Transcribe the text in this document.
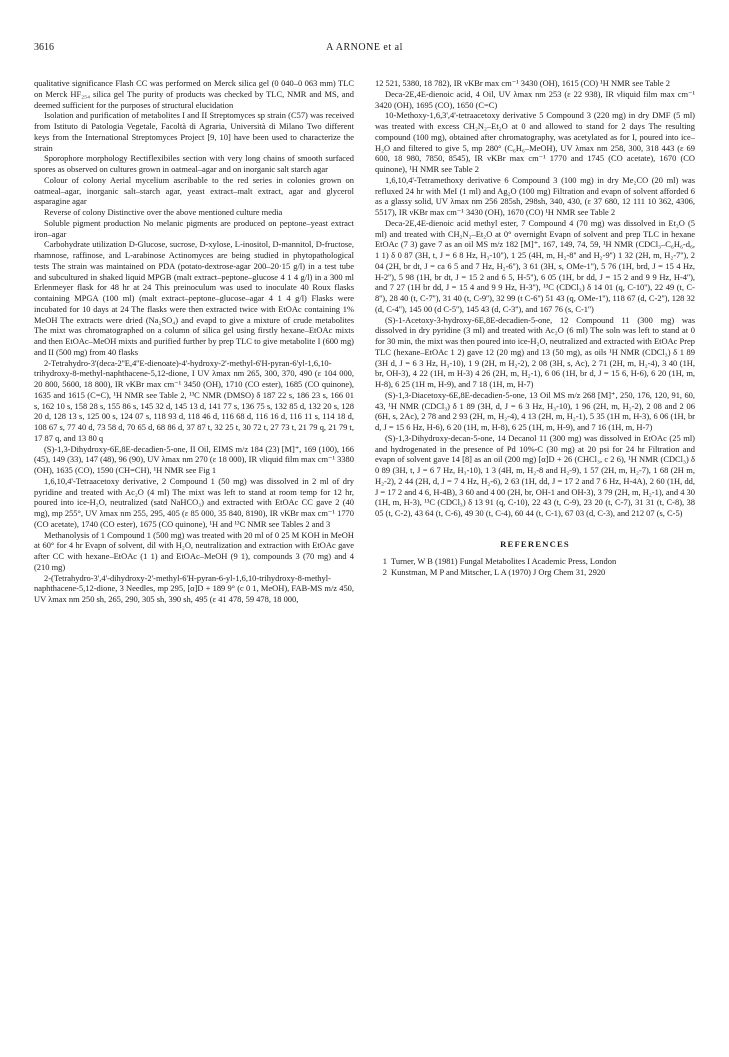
3616	A ARNONE et al

qualitative significance Flash CC was performed on Merck silica gel (0 040–0 063 mm) TLC on Merck HF₂₅₄ silica gel The purity of products was checked by TLC, NMR and MS, and deemed sufficient for the purposes of structural elucidation

Isolation and purification of metabolites I and II Streptomyces sp strain (C57) was received from Istituto di Patologia Vegetale, Facoltà di Agraria, Università di Milano Two different keys from the International Streptomyces Project [9, 10] have been used to characterize the strain

Sporophore morphology Rectiflexibiles section with very long chains of smooth surfaced spores as observed on cultures grown in oatmeal–agar and on inorganic salt starch agar

Colour of colony Aerial mycelium ascribable to the red series in colonies grown on oatmeal–agar, inorganic salt–starch agar, yeast extract–malt extract, agar and glycerol asparagine agar

Reverse of colony Distinctive over the above mentioned culture media

Soluble pigment production No melanic pigments are produced on peptone–yeast extract iron–agar

Carbohydrate utilization D-Glucose, sucrose, D-xylose, L-inositol, D-mannitol, D-fructose, rhamnose, raffinose, and L-arabinose Actinomyces are being studied in phytopathological tests The strain was maintained on PDA (potato-dextrose-agar 200–20·15 g/l) in a test tube and subcultured in shaked liquid MPGB (malt extract–peptone–glucose 4 1 4 g/l) in a 300 ml Erlenmeyer flask for 48 hr at 24 This preinoculum was used to inoculate 40 Roux flasks containing MPGA (100 ml) (malt extract–peptone–glucose–agar 4 1 4 g/l) Flasks were incubated for 10 days at 24 The flasks were then extracted twice with EtOAc containing 1% MeOH The extracts were dried (Na₂SO₄) and evapd to give a mixture of crude metabolites The mixt was chromatographed on a column of silica gel using firstly hexane–EtOAc mixts and then EtOAc–MeOH mixts and purified further by prep TLC to give metabolite I (600 mg) and II (500 mg) from 40 flasks

2-Tetrahydro-3'(deca-2''E,4''E-dienoate)-4'-hydroxy-2'-methyl-6'H-pyran-6'yl-1,6,10-trihydroxy-8-methyl-naphthacene-5,12-dione, I UV λmax nm 265, 300, 370, 490 (ε 104 000, 20 800, 5600, 18 800), IR νKBr max cm⁻¹ 3450 (OH), 1710 (CO ester), 1685 (CO quinone), 1635 and 1615 (C=C), ¹H NMR see Table 2, ¹³C NMR (DMSO) δ 187 22 s, 186 23 s, 166 01 s, 162 10 s, 158 28 s, 155 86 s, 145 32 d, 145 13 d, 141 77 s, 136 75 s, 132 85 d, 132 20 s, 128 20 d, 128 13 s, 125 00 s, 124 07 s, 118 93 d, 118 46 d, 116 68 d, 116 16 d, 116 11 s, 114 18 d, 108 67 s, 77 40 d, 73 58 d, 70 65 d, 68 86 d, 37 87 t, 32 25 t, 30 72 t, 27 73 t, 21 79 q, 21 79 t, 17 87 q, and 13 80 q

(S)-1,3-Dihydroxy-6E,8E-decadien-5-one, II Oil, EIMS m/z 184 (23) [M]⁺, 169 (100), 166 (45), 149 (33), 147 (48), 96 (90), UV λmax nm 270 (ε 18 000), IR νliquid film max cm⁻¹ 3380 (OH), 1635 (CO), 1590 (CH=CH), ¹H NMR see Fig 1

1,6,10,4'-Tetraacetoxy derivative, 2 Compound 1 (50 mg) was dissolved in 2 ml of dry pyridine and treated with Ac₂O (4 ml) The mixt was left to stand at room temp for 12 hr, poured into ice-H₂O, neutralized (satd NaHCO₃) and extracted with EtOAc CC gave 2 (40 mg), mp 255°, UV λmax nm 255, 295, 405 (ε 85 000, 35 840, 8190), IR νKBr max cm⁻¹ 1770 (CO acetate), 1740 (CO ester), 1675 (CO quinone), ¹H and ¹³C NMR see Tables 2 and 3

Methanolysis of 1 Compound 1 (500 mg) was treated with 20 ml of 0 25 M KOH in MeOH at 60° for 4 hr Evapn of solvent, dil with H₂O, neutralization and extraction with EtOAc gave after CC with hexane–EtOAc (1 1) and EtOAc–MeOH (9 1), compounds 3 (70 mg) and 4 (210 mg)

2-(Tetrahydro-3',4'-dihydroxy-2'-methyl-6'H-pyran-6-yl-1,6,10-trihydroxy-8-methyl-naphthacene-5,12-dione, 3 Needles, mp 295, [α]D + 189 9° (c 0 1, MeOH), FAB-MS m/z 450, UV λmax nm 250 sh, 265, 290, 305 sh, 390 sh, 495 (ε 41 478, 59 478, 18 000,

12 521, 5380, 18 782), IR νKBr max cm⁻¹ 3430 (OH), 1615 (CO) ¹H NMR see Table 2

Deca-2E,4E-dienoic acid, 4 Oil, UV λmax nm 253 (ε 22 938), IR νliquid film max cm⁻¹ 3420 (OH), 1695 (CO), 1650 (C=C)

10-Methoxy-1,6,3',4'-tetraacetoxy derivative 5 Compound 3 (220 mg) in dry DMF (5 ml) was treated with excess CH₂N₂–Et₂O at 0 and allowed to stand for 2 days The resulting compound (100 mg), obtained after chromatography, was acetylated as for I, poured into ice–H₂O and filtered to give 5, mp 280° (C₆H₆–MeOH), UV λmax nm 258, 300, 318 443 (ε 69 600, 18 980, 7850, 8545), IR νKBr max cm⁻¹ 1770 and 1745 (CO acetate), 1670 (CO quinone), ¹H NMR see Table 2

1,6,10,4'-Tetramethoxy derivative 6 Compound 3 (100 mg) in dry Me₂CO (20 ml) was refluxed 24 hr with MeI (1 ml) and Ag₂O (100 mg) Filtration and evapn of solvent afforded 6 as a glassy solid, UV λmax nm 256 285sh, 298sh, 340, 430, (ε 37 680, 12 111 10 362, 4306, 5517), IR νKBr max cm⁻¹ 3430 (OH), 1670 (CO) ¹H NMR see Table 2

Deca-2E,4E-dienoic acid methyl ester, 7 Compound 4 (70 mg) was dissolved in Et₂O (5 ml) and treated with CH₂N₂–Et₂O at 0° overnight Evapn of solvent and prep TLC in hexane EtOAc (7 3) gave 7 as an oil MS m/z 182 [M]⁺, 167, 149, 74, 59, ¹H NMR (CDCl₃–C₆H₆-d₆, 1 1) δ 0 87 (3H, t, J = 6 8 Hz, H₃-10''), 1 25 (4H, m, H₂-8'' and H₂-9'') 1 32 (2H, m, H₂-7''), 2 04 (2H, br dt, J = ca 6 5 and 7 Hz, H₂-6''), 3 61 (3H, s, OMe-1''), 5 76 (1H, brd, J = 15 4 Hz, H-2''), 5 98 (1H, br dt, J = 15 2 and 6 5, H-5''), 6 05 (1H, br dd, J = 15 2 and 9 9 Hz, H-4''), and 7 27 (1H br dd, J = 15 4 and 9 9 Hz, H-3''), ¹³C (CDCl₃) δ 14 01 (q, C-10''), 22 49 (t, C-8''), 28 40 (t, C-7''), 31 40 (t, C-9''), 32 99 (t C-6'') 51 43 (q, OMe-1''), 118 67 (d, C-2''), 128 32 (d, C-4''), 145 00 (d C-5''), 145 43 (d, C-3''), and 167 76 (s, C-1'')

(S)-1-Acetoxy-3-hydroxy-6E,8E-decadien-5-one, 12 Compound 11 (300 mg) was dissolved in dry pyridine (3 ml) and treated with Ac₂O (6 ml) The soln was left to stand at 0 for 30 min, the mixt was then poured into ice-H₂O, neutralized and extracted with EtOAc Prep TLC (hexane–EtOAc 1 2) gave 12 (20 mg) and 13 (50 mg), as oils ¹H NMR (CDCl₃) δ 1 89 (3H d, J = 6 3 Hz, H₃-10), 1 9 (2H, m H₂-2), 2 08 (3H, s, Ac), 2 71 (2H, m, H₂-4), 3 40 (1H, br, OH-3), 4 22 (1H, m H-3) 4 26 (2H, m, H₂-1), 6 06 (1H, br d, J = 15 6, H-6), 6 20 (1H, m, H-8), 6 25 (1H m, H-9), and 7 18 (1H, m, H-7)

(S)-1,3-Diacetoxy-6E,8E-decadien-5-one, 13 Oil MS m/z 268 [M]⁺, 250, 176, 120, 91, 60, 43, ¹H NMR (CDCl₃) δ 1 89 (3H, d, J = 6 3 Hz, H₃-10), 1 96 (2H, m, H₂-2), 2 08 and 2 06 (6H, s, 2Ac), 2 78 and 2 93 (2H, m, H₂-4), 4 13 (2H, m, H₂-1), 5 35 (1H m, H-3), 6 06 (1H, br d, J = 15 6 Hz, H-6), 6 20 (1H, m, H-8), 6 25 (1H, m, H-9), and 7 16 (1H, m, H-7)

(S)-1,3-Dihydroxy-decan-5-one, 14 Decanol 11 (300 mg) was dissolved in EtOAc (25 ml) and hydrogenated in the presence of Pd 10%-C (30 mg) at 20 psi for 24 hr Filtration and evapn of solvent gave 14 [8] as an oil (200 mg) [α]D + 26 (CHCl₃, c 2 6), ¹H NMR (CDCl₃) δ 0 89 (3H, t, J = 6 7 Hz, H₃-10), 1 3 (4H, m, H₂-8 and H₂-9), 1 57 (2H, m, H₂-7), 1 68 (2H m, H₂-2), 2 44 (2H, d, J = 7 4 Hz, H₂-6), 2 63 (1H, dd, J = 17 2 and 7 6 Hz, H-4A), 2 60 (1H, dd, J = 17 2 and 4 6, H-4B), 3 60 and 4 00 (2H, br, OH-1 and OH-3), 3 79 (2H, m, H₂-1), and 4 30 (1H, m, H-3), ¹³C (CDCl₃) δ 13 91 (q, C-10), 22 43 (t, C-9), 23 20 (t, C-7), 31 31 (t, C-8), 38 05 (t, C-2), 43 64 (t, C-6), 49 30 (t, C-4), 60 44 (t, C-1), 67 03 (d, C-3), and 212 07 (s, C-5)

REFERENCES
1 Turner, W B (1981) Fungal Metabolites I Academic Press, London
2 Kunstman, M P and Mitscher, L A (1970) J Org Chem 31, 2920
